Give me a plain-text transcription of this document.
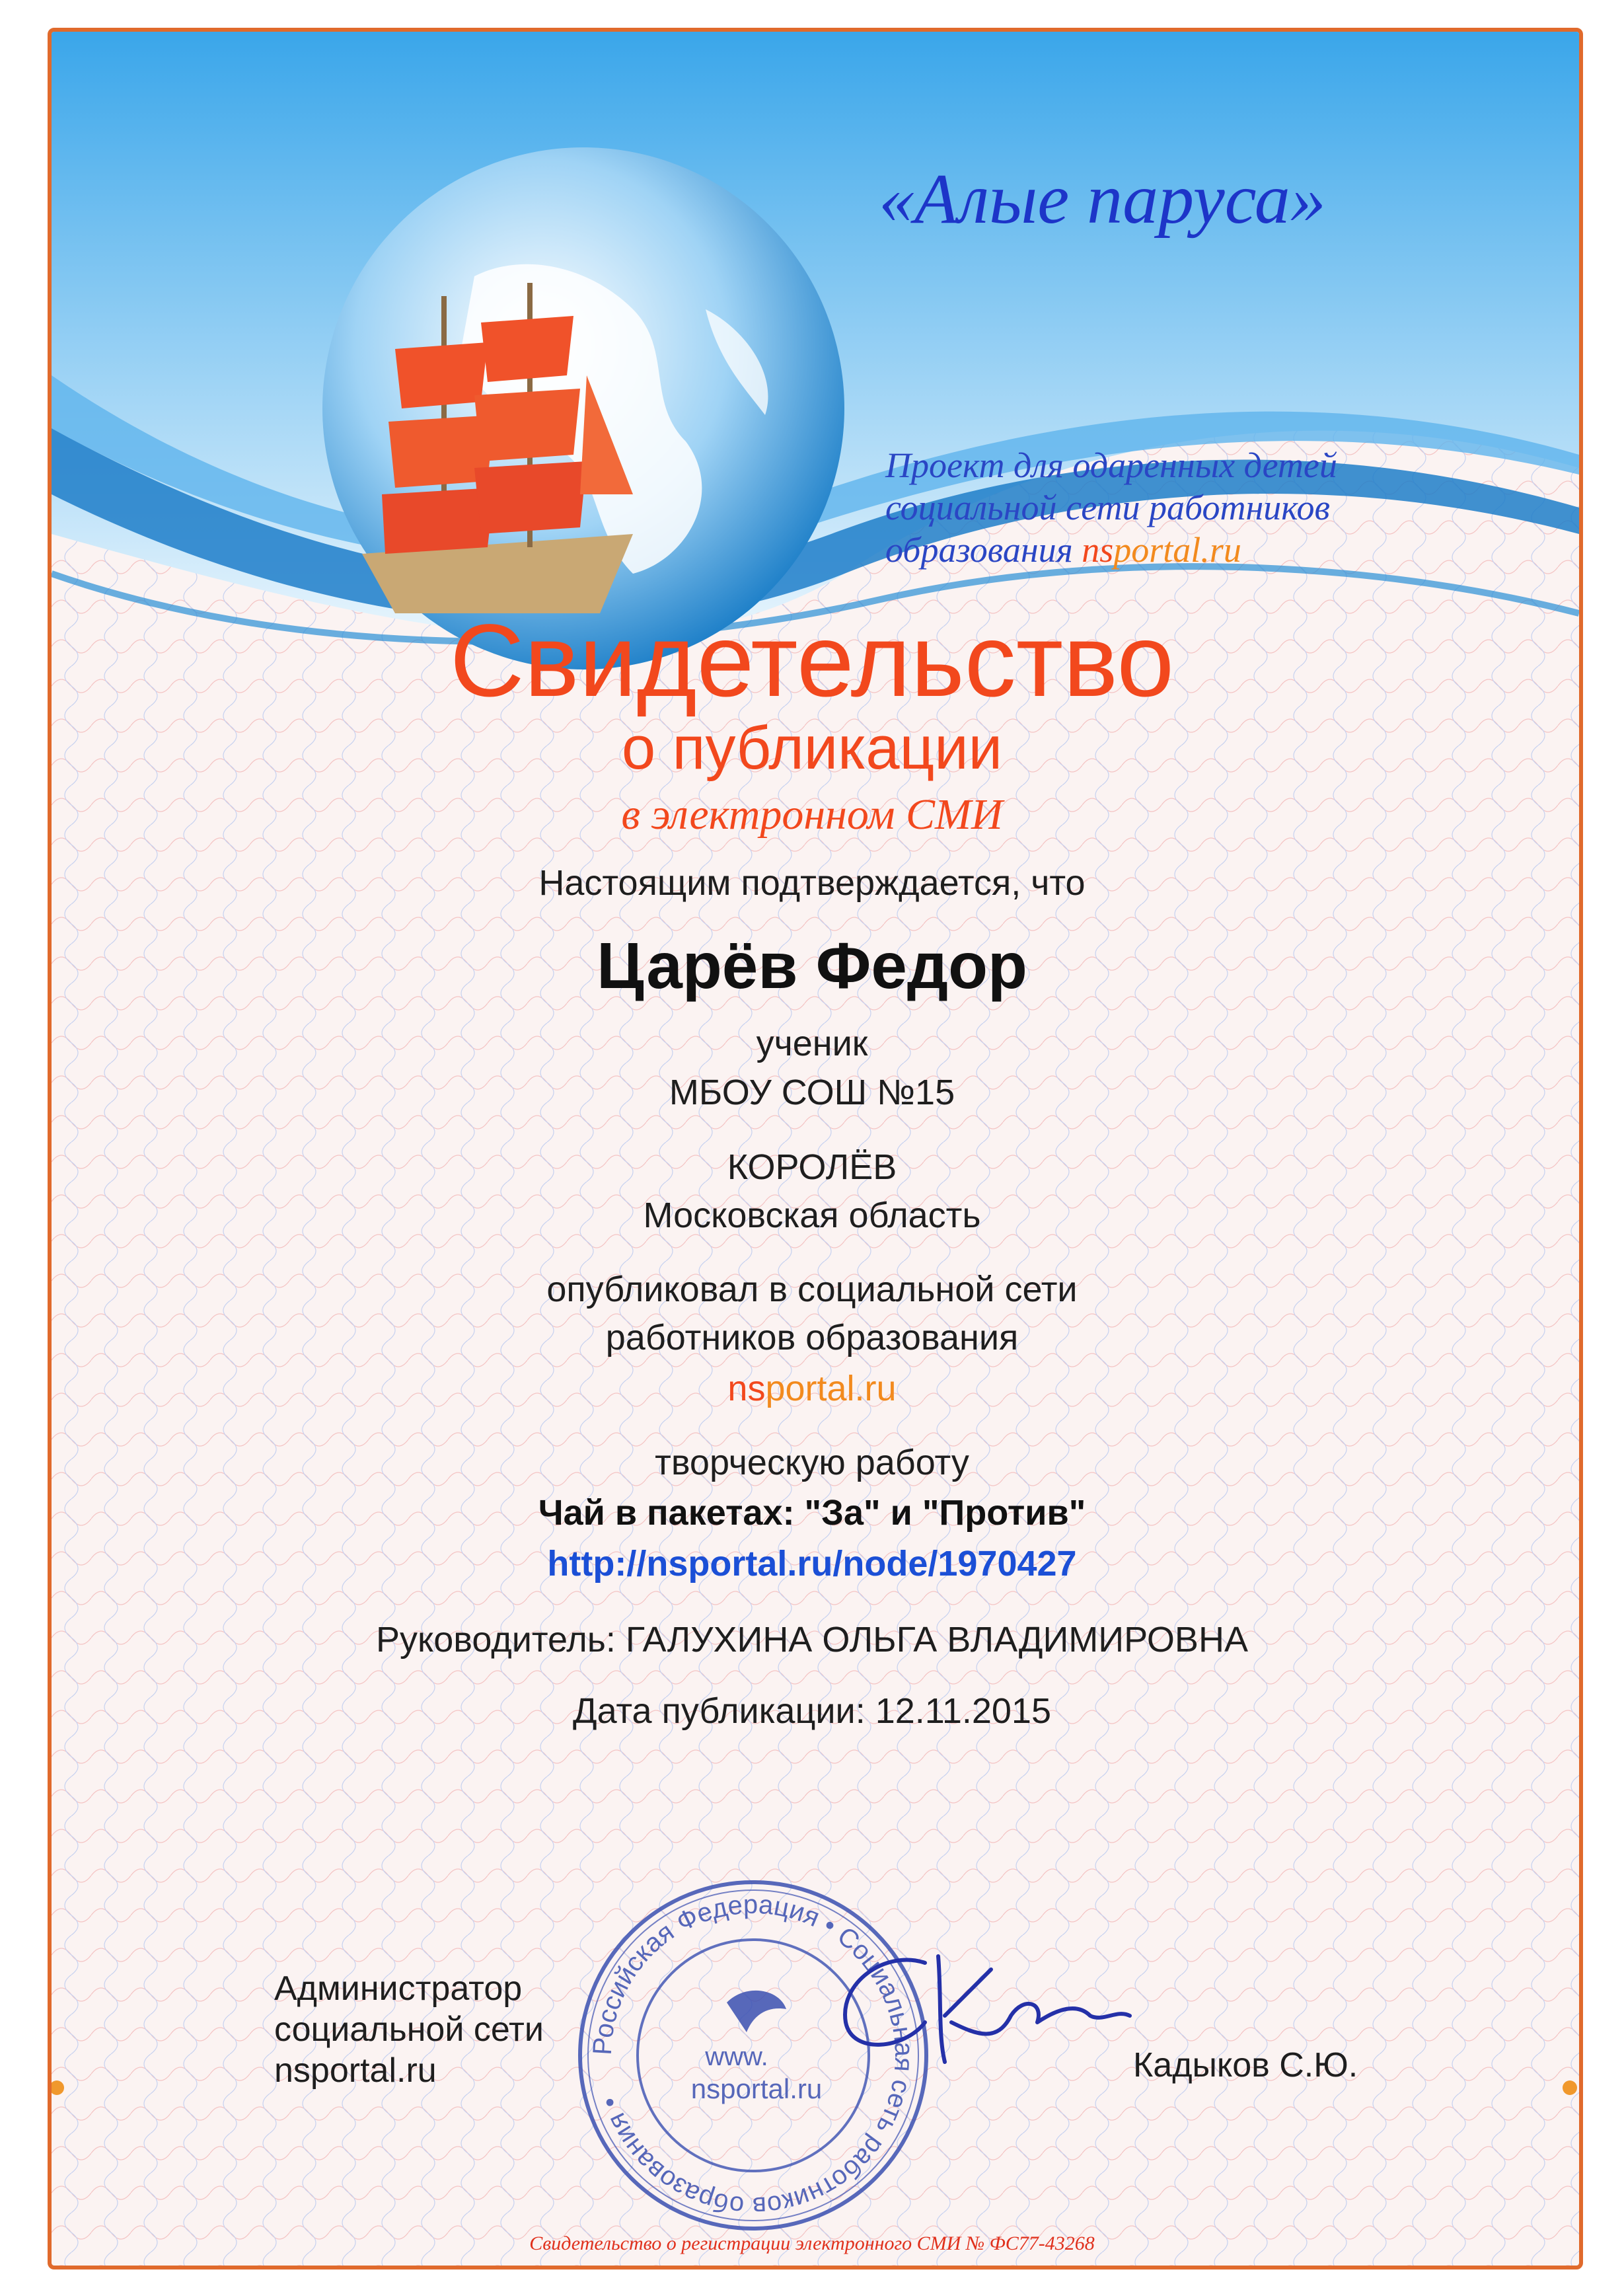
«Алые паруса»
Проект для одаренных детей
социальной сети работников
образования nsportal.ru
Свидетельство
о публикации
в электронном СМИ
Настоящим подтверждается, что
Царёв Федор
ученик
МБОУ СОШ №15
КОРОЛЁВ
Московская область
опубликовал в социальной сети
работников образования
nsportal.ru
творческую работу
Чай в пакетах: "За" и "Против"
http://nsportal.ru/node/1970427
Руководитель: ГАЛУХИНА ОЛЬГА ВЛАДИМИРОВНА
Дата публикации: 12.11.2015
Администратор
социальной сети
nsportal.ru
Российская Федерация • Социальная сеть работников образования •
www.
nsportal.ru
Кадыков С.Ю.
Свидетельство о регистрации электронного СМИ № ФС77-43268
